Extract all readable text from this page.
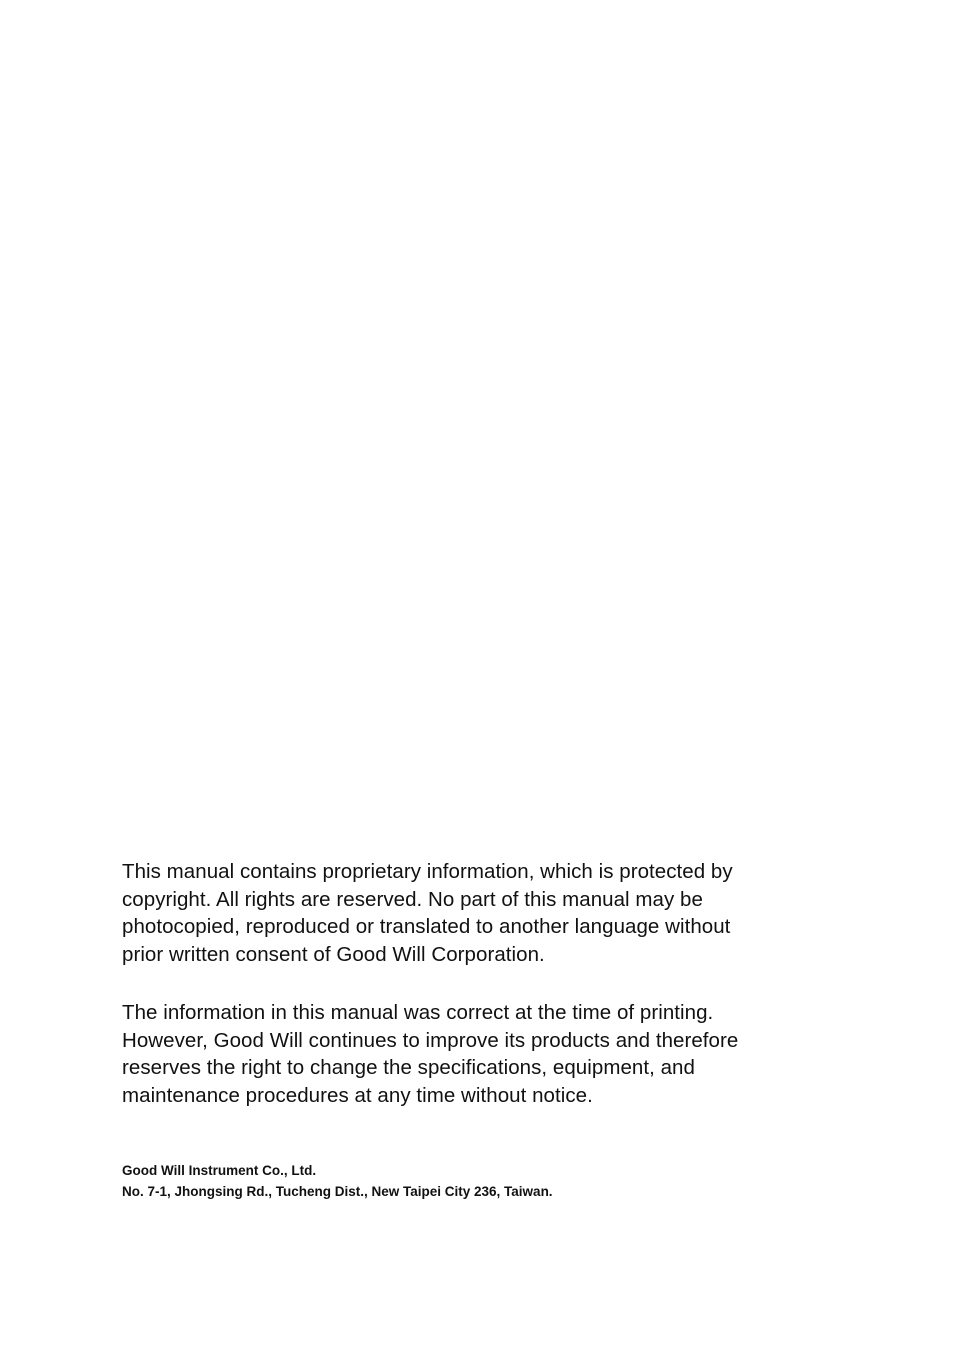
This manual contains proprietary information, which is protected by
copyright. All rights are reserved. No part of this manual may be
photocopied, reproduced or translated to another language without
prior written consent of Good Will Corporation.

The information in this manual was correct at the time of printing.
However, Good Will continues to improve its products and therefore
reserves the right to change the specifications, equipment, and
maintenance procedures at any time without notice.

Good Will Instrument Co., Ltd.
No. 7-1, Jhongsing Rd., Tucheng Dist., New Taipei City 236, Taiwan.
